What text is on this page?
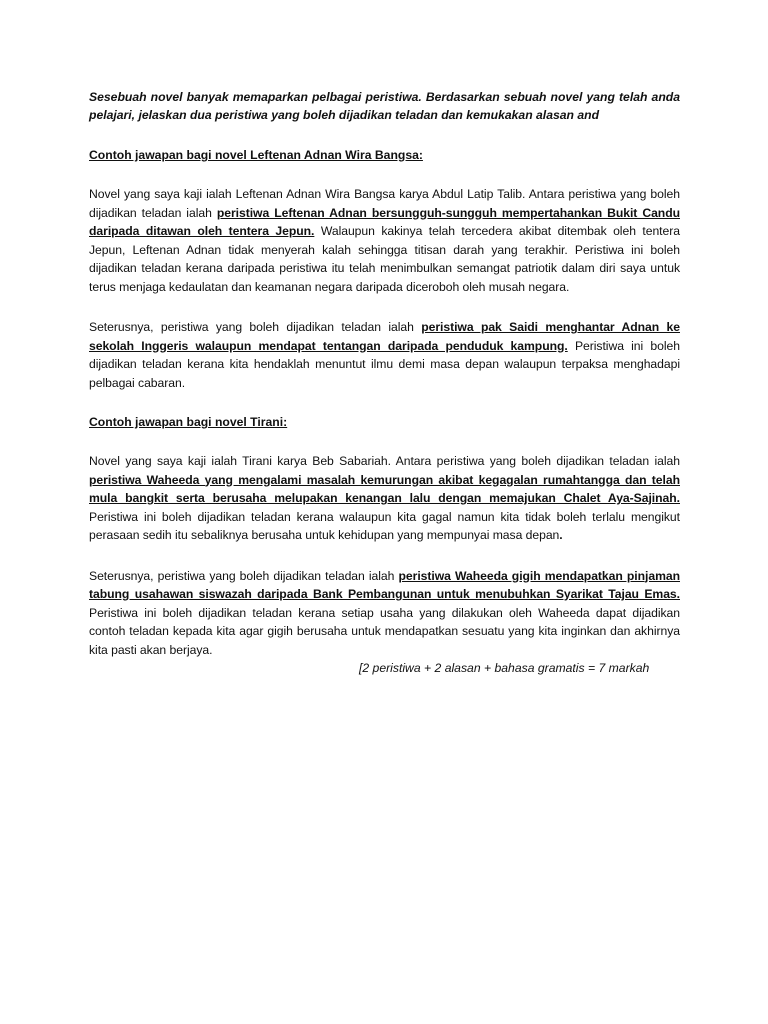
Sesebuah novel banyak memaparkan pelbagai peristiwa. Berdasarkan sebuah novel yang telah anda pelajari, jelaskan dua peristiwa yang boleh dijadikan teladan dan kemukakan alasan and

Contoh jawapan bagi novel Leftenan Adnan Wira Bangsa:

Novel yang saya kaji ialah Leftenan Adnan Wira Bangsa karya Abdul Latip Talib. Antara peristiwa yang boleh dijadikan teladan ialah peristiwa Leftenan Adnan bersungguh-sungguh mempertahankan Bukit Candu daripada ditawan oleh tentera Jepun. Walaupun kakinya telah tercedera akibat ditembak oleh tentera Jepun, Leftenan Adnan tidak menyerah kalah sehingga titisan darah yang terakhir. Peristiwa ini boleh dijadikan teladan kerana daripada peristiwa itu telah menimbulkan semangat patriotik dalam diri saya untuk terus menjaga kedaulatan dan keamanan negara daripada diceroboh oleh musah negara.

Seterusnya, peristiwa yang boleh dijadikan teladan ialah peristiwa pak Saidi menghantar Adnan ke sekolah Inggeris walaupun mendapat tentangan daripada penduduk kampung. Peristiwa ini boleh dijadikan teladan kerana kita hendaklah menuntut ilmu demi masa depan walaupun terpaksa menghadapi pelbagai cabaran.

Contoh jawapan bagi novel Tirani:

Novel yang saya kaji ialah Tirani karya Beb Sabariah. Antara peristiwa yang boleh dijadikan teladan ialah peristiwa Waheeda yang mengalami masalah kemurungan akibat kegagalan rumahtangga dan telah mula bangkit serta berusaha melupakan kenangan lalu dengan memajukan Chalet Aya-Sajinah. Peristiwa ini boleh dijadikan teladan kerana walaupun kita gagal namun kita tidak boleh terlalu mengikut perasaan sedih itu sebaliknya berusaha untuk kehidupan yang mempunyai masa depan.

Seterusnya, peristiwa yang boleh dijadikan teladan ialah peristiwa Waheeda gigih mendapatkan pinjaman tabung usahawan siswazah daripada Bank Pembangunan untuk menubuhkan Syarikat Tajau Emas. Peristiwa ini boleh dijadikan teladan kerana setiap usaha yang dilakukan oleh Waheeda dapat dijadikan contoh teladan kepada kita agar gigih berusaha untuk mendapatkan sesuatu yang kita inginkan dan akhirnya kita pasti akan berjaya.

[2 peristiwa + 2 alasan + bahasa gramatis = 7 markah
